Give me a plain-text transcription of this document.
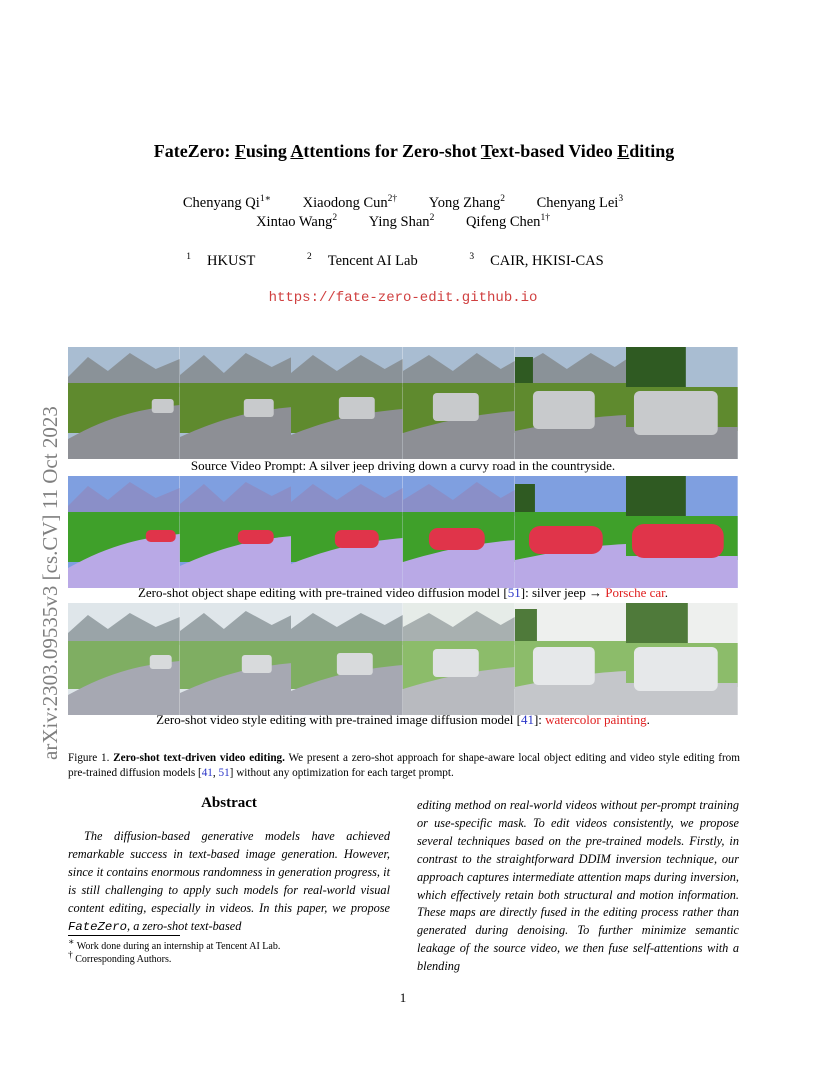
arXiv:2303.09535v3 [cs.CV] 11 Oct 2023
FateZero: Fusing Attentions for Zero-shot Text-based Video Editing
Chenyang $Qi^{1∗}$ Xiaodong Cun$^{2\dagger}$ Yong Zhang$^2$ Chenyang Lei$^3$
Xintao Wang$^2$ Ying Shan$^2$ Qifeng Chen$^{1\dagger}$
$^1$ HKUST	$^2$ Tencent AI Lab	$^3$ CAIR, HKISI-CAS
https://fate-zero-edit.github.io
Source Video Prompt: A silver jeep driving down a curvy road in the countryside.
Zero-shot object shape editing with pre-trained video diffusion model [51]: silver jeep → Porsche car.
Zero-shot video style editing with pre-trained image diffusion model [41]: watercolor painting.
Figure 1. Zero-shot text-driven video editing. We present a zero-shot approach for shape-aware local object editing and video style editing from pre-trained diffusion models [41, 51] without any optimization for each target prompt.
Abstract
The diffusion-based generative models have achieved remarkable success in text-based image generation. However, since it contains enormous randomness in generation progress, it is still challenging to apply such models for real-world visual content editing, especially in videos. In this paper, we propose FateZero, a zero-shot text-based
editing method on real-world videos without per-prompt training or use-specific mask. To edit videos consistently, we propose several techniques based on the pre-trained models. Firstly, in contrast to the straightforward DDIM inversion technique, our approach captures intermediate attention maps during inversion, which effectively retain both structural and motion information. These maps are directly fused in the editing process rather than generated during denoising. To further minimize semantic leakage of the source video, we then fuse self-attentions with a blending
∗ Work done during an internship at Tencent AI Lab.
† Corresponding Authors.
1
